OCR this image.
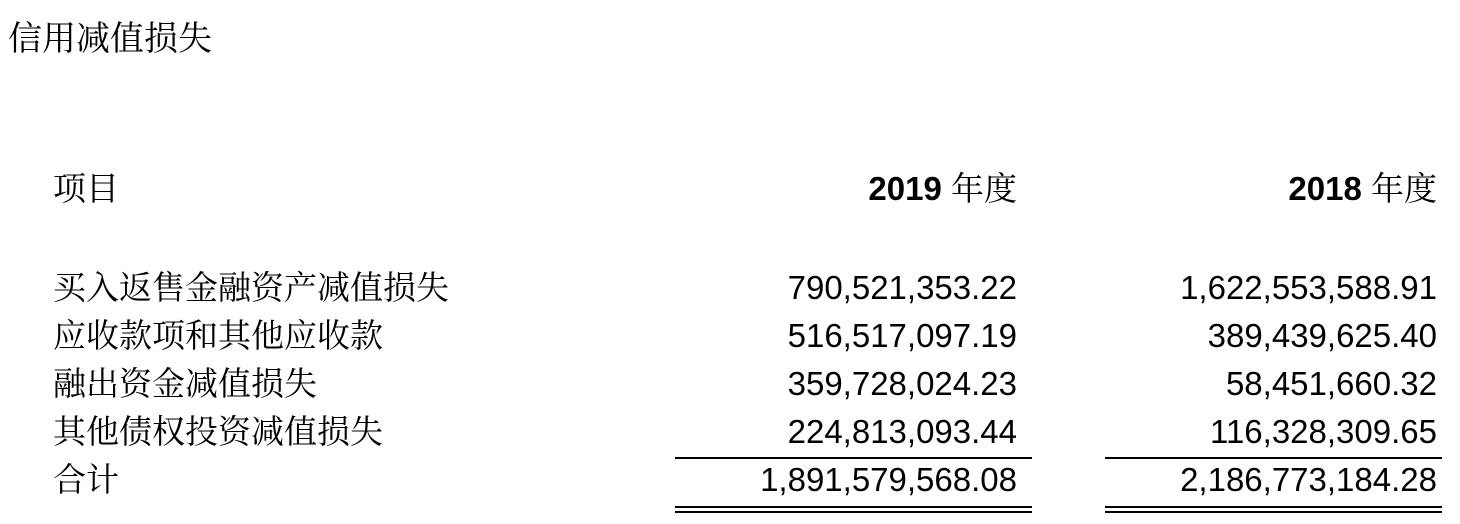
信用减值损失
项目	2019 年度	2018 年度
买入返售金融资产减值损失	790,521,353.22	1,622,553,588.91
应收款项和其他应收款	516,517,097.19	389,439,625.40
融出资金减值损失	359,728,024.23	58,451,660.32
其他债权投资减值损失	224,813,093.44	116,328,309.65
合计	1,891,579,568.08	2,186,773,184.28
